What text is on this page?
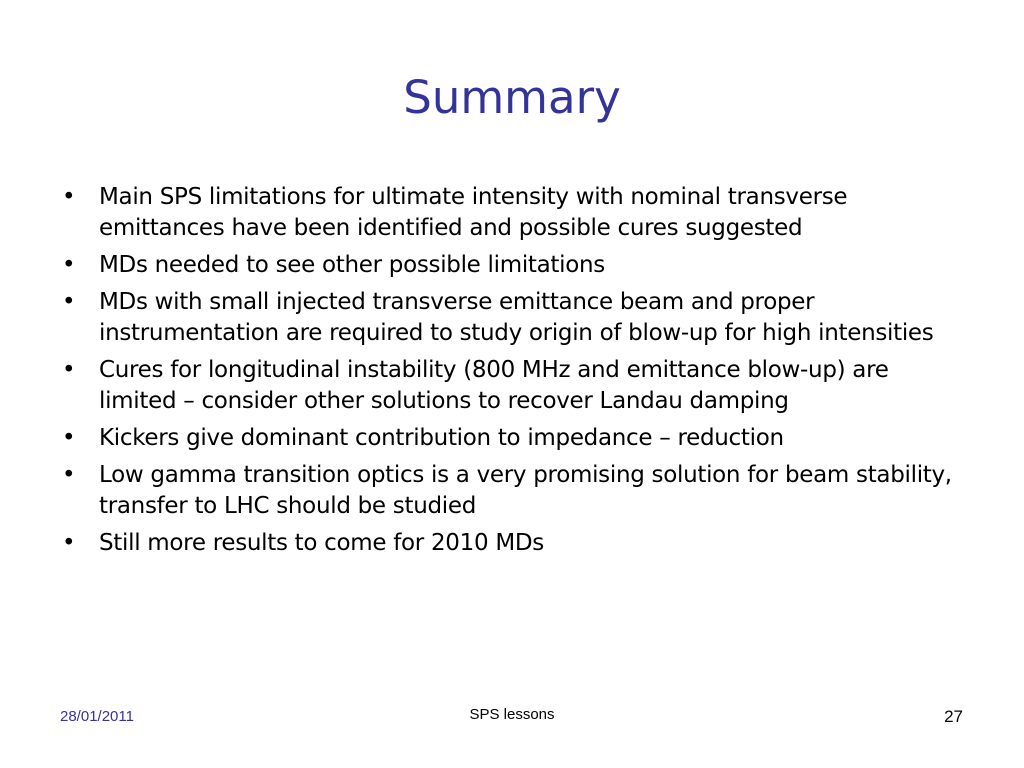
Summary
• Main SPS limitations for ultimate intensity with nominal transverse emittances have been identified and possible cures suggested
• MDs needed to see other possible limitations
• MDs with small injected transverse emittance beam and proper instrumentation are required to study origin of blow-up for high intensities
• Cures for longitudinal instability (800 MHz and emittance blow-up) are limited – consider other solutions to recover Landau damping
• Kickers give dominant contribution to impedance – reduction
• Low gamma transition optics is a very promising solution for beam stability, transfer to LHC should be studied
• Still more results to come for 2010 MDs
28/01/2011	SPS lessons	27
